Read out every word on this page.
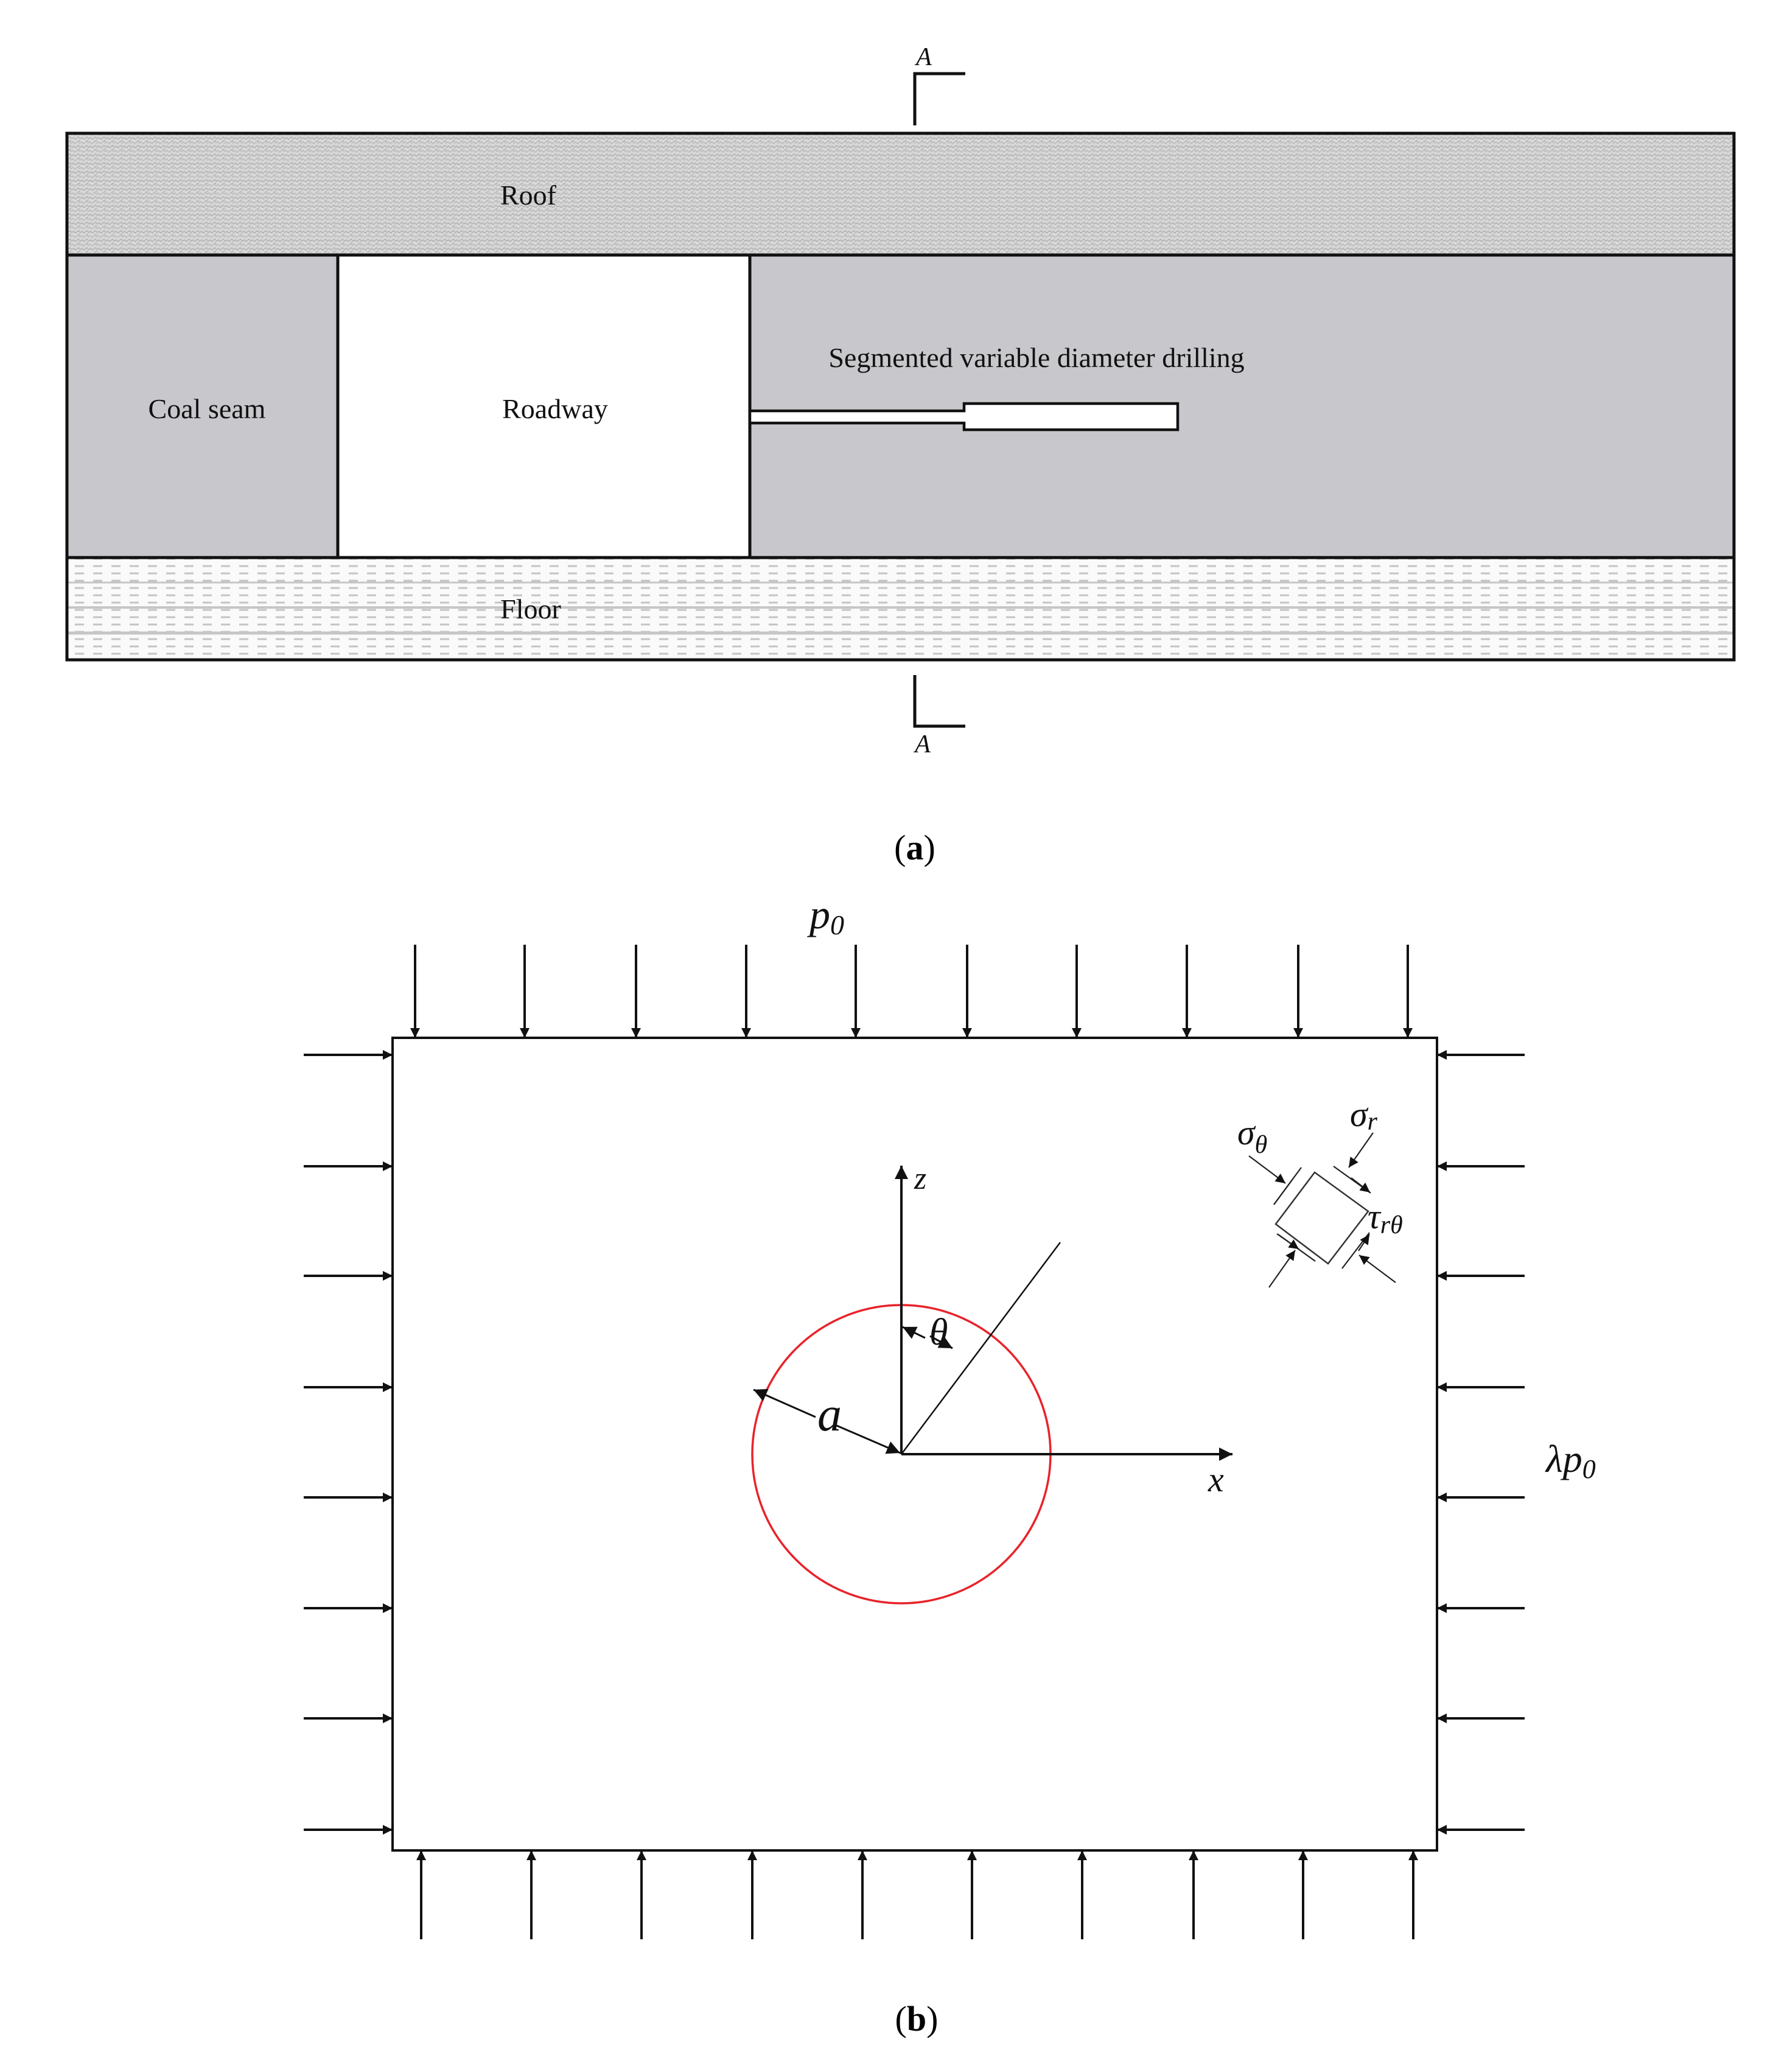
A
Roof
Coal seam	Roadway
Segmented variable diameter drilling
Floor
A
(a)
p0
λp0
z
x
θ
a
$\sigma_\theta$
σr
τrθ
(b)
